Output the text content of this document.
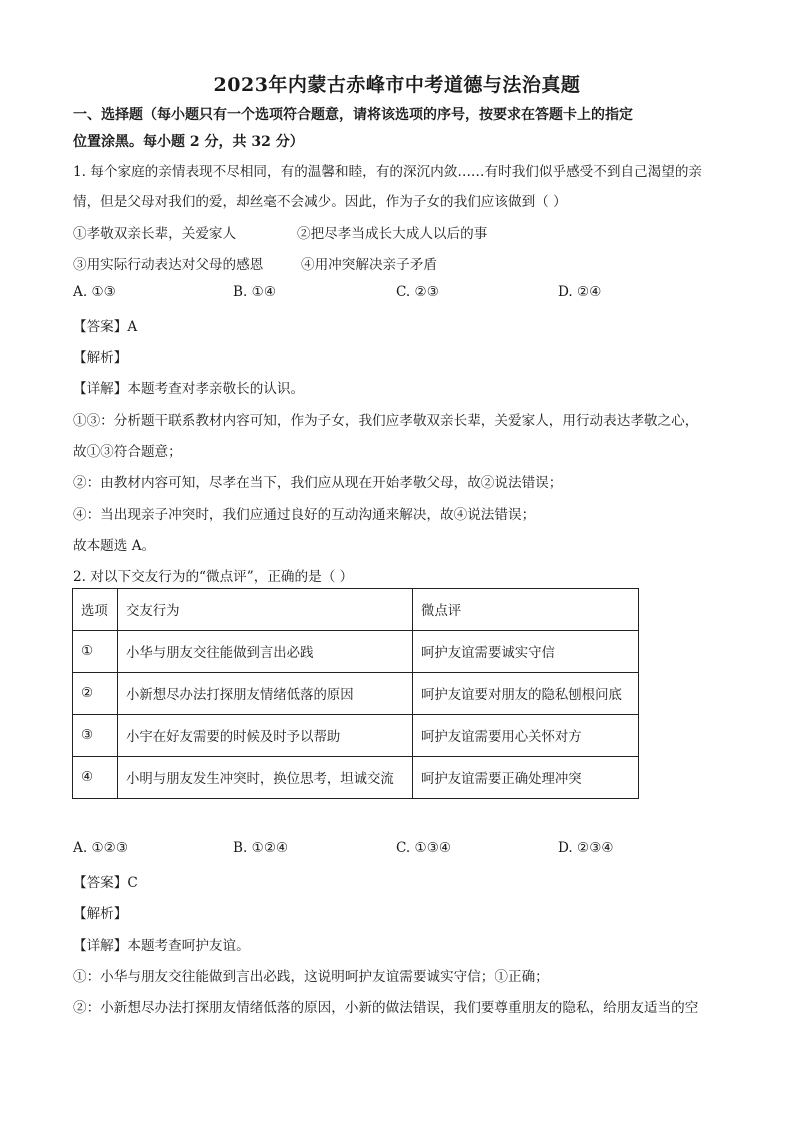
2023年内蒙古赤峰市中考道德与法治真题
一、选择题（每小题只有一个选项符合题意，请将该选项的序号，按要求在答题卡上的指定
位置涂黑。每小题 2 分，共 32 分）
1. 每个家庭的亲情表现不尽相同，有的温馨和睦，有的深沉内敛……有时我们似乎感受不到自己渴望的亲
情，但是父母对我们的爱，却丝毫不会减少。因此，作为子女的我们应该做到（ ）
①孝敬双亲长辈，关爱家人	②把尽孝当成长大成人以后的事
③用实际行动表达对父母的感恩	④用冲突解决亲子矛盾
A. ①③	B. ①④	C. ②③	D. ②④
【答案】A
【解析】
【详解】本题考查对孝亲敬长的认识。
①③：分析题干联系教材内容可知，作为子女，我们应孝敬双亲长辈，关爱家人，用行动表达孝敬之心，
故①③符合题意；
②：由教材内容可知，尽孝在当下，我们应从现在开始孝敬父母，故②说法错误；
④：当出现亲子冲突时，我们应通过良好的互动沟通来解决，故④说法错误；
故本题选 A。
2. 对以下交友行为的“微点评”，正确的是（ ）
选项	交友行为	微点评
①	小华与朋友交往能做到言出必践	呵护友谊需要诚实守信
②	小新想尽办法打探朋友情绪低落的原因	呵护友谊要对朋友的隐私刨根问底
③	小宇在好友需要的时候及时予以帮助	呵护友谊需要用心关怀对方
④	小明与朋友发生冲突时，换位思考，坦诚交流	呵护友谊需要正确处理冲突
A. ①②③	B. ①②④	C. ①③④	D. ②③④
【答案】C
【解析】
【详解】本题考查呵护友谊。
①：小华与朋友交往能做到言出必践，这说明呵护友谊需要诚实守信；①正确；
②：小新想尽办法打探朋友情绪低落的原因，小新的做法错误，我们要尊重朋友的隐私，给朋友适当的空
